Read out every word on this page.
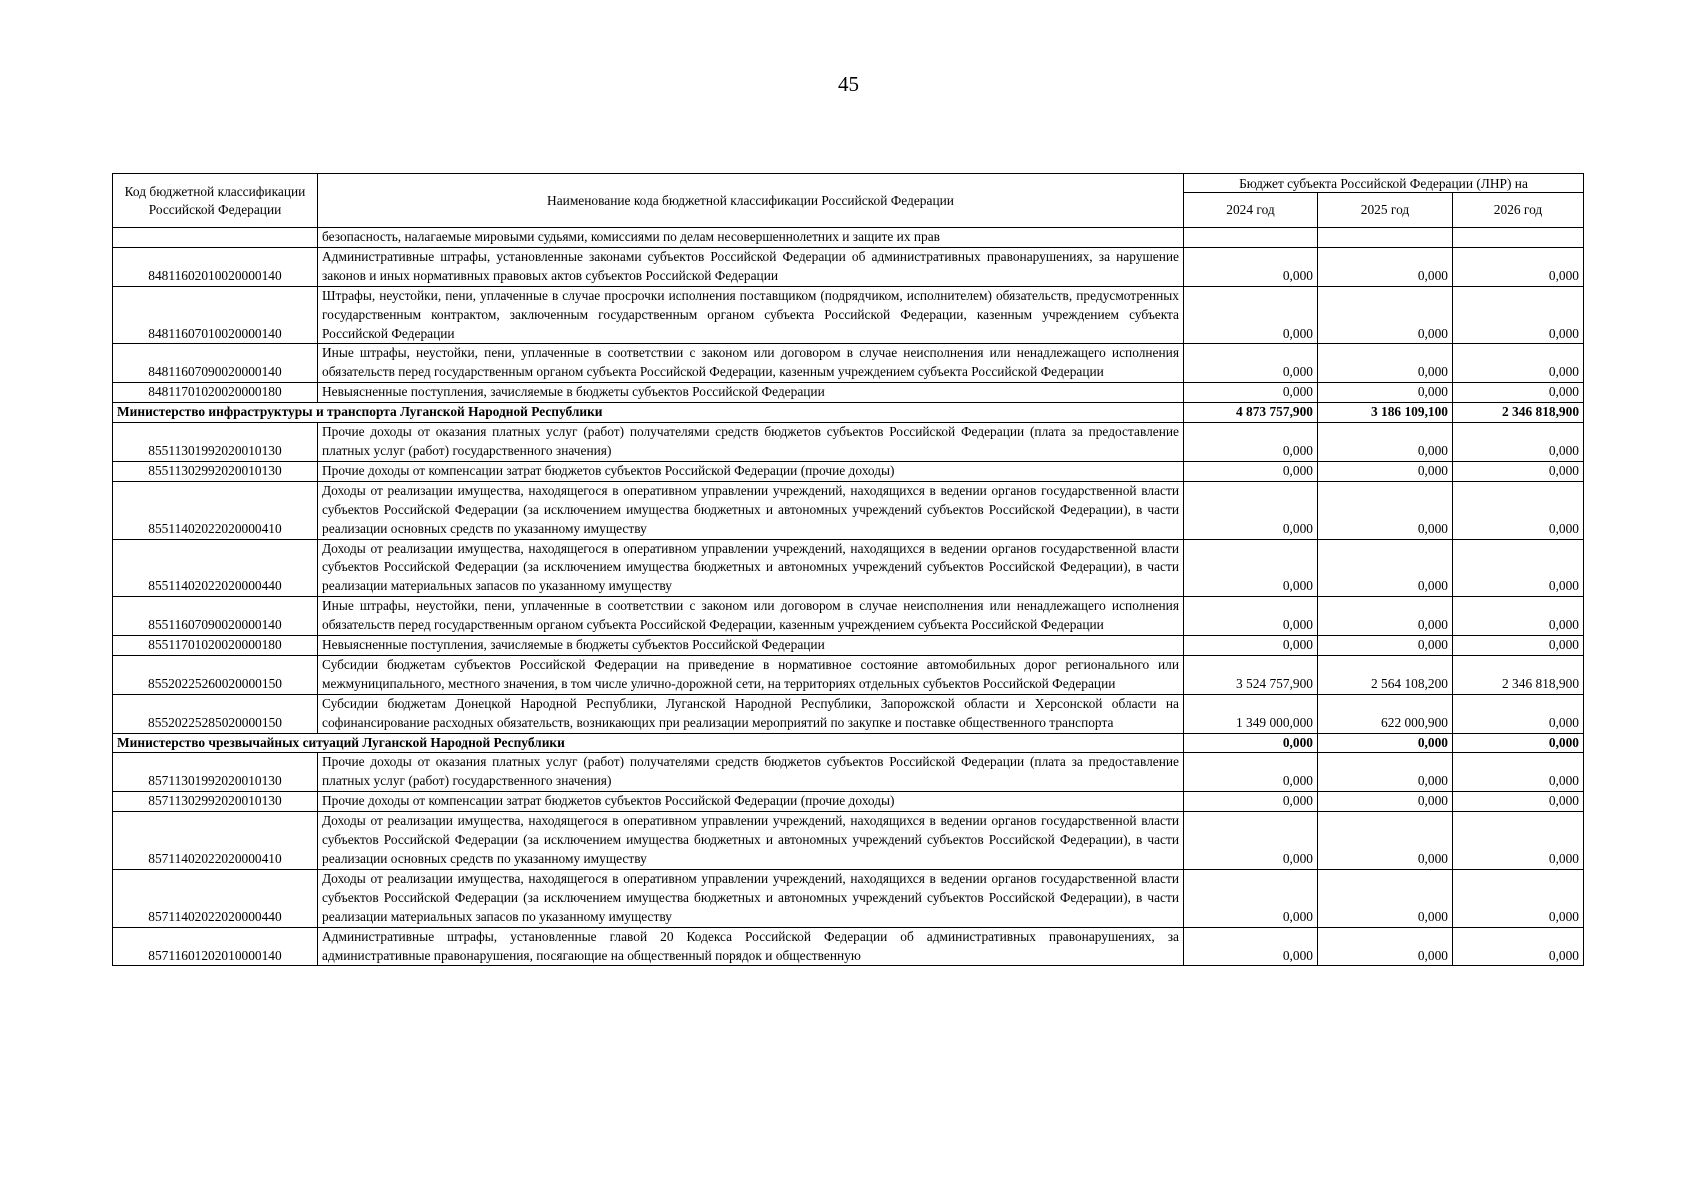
45
Код бюджетной классификации Российской Федерации	Наименование кода бюджетной классификации Российской Федерации	Бюджет субъекта Российской Федерации (ЛНР) на		
		2024 год	2025 год	2026 год
	безопасность, налагаемые мировыми судьями, комиссиями по делам несовершеннолетних и защите их прав			
84811602010020000140	Административные штрафы, установленные законами субъектов Российской Федерации об административных правонарушениях, за нарушение законов и иных нормативных правовых актов субъектов Российской Федерации	0,000	0,000	0,000
84811607010020000140	Штрафы, неустойки, пени, уплаченные в случае просрочки исполнения поставщиком (подрядчиком, исполнителем) обязательств, предусмотренных государственным контрактом, заключенным государственным органом субъекта Российской Федерации, казенным учреждением субъекта Российской Федерации	0,000	0,000	0,000
84811607090020000140	Иные штрафы, неустойки, пени, уплаченные в соответствии с законом или договором в случае неисполнения или ненадлежащего исполнения обязательств перед государственным органом субъекта Российской Федерации, казенным учреждением субъекта Российской Федерации	0,000	0,000	0,000
84811701020020000180	Невыясненные поступления, зачисляемые в бюджеты субъектов Российской Федерации	0,000	0,000	0,000
Министерство инфраструктуры и транспорта Луганской Народной Республики		4 873 757,900	3 186 109,100	2 346 818,900
85511301992020010130	Прочие доходы от оказания платных услуг (работ) получателями средств бюджетов субъектов Российской Федерации (плата за предоставление платных услуг (работ) государственного значения)	0,000	0,000	0,000
85511302992020010130	Прочие доходы от компенсации затрат бюджетов субъектов Российской Федерации (прочие доходы)	0,000	0,000	0,000
85511402022020000410	Доходы от реализации имущества, находящегося в оперативном управлении учреждений, находящихся в ведении органов государственной власти субъектов Российской Федерации (за исключением имущества бюджетных и автономных учреждений субъектов Российской Федерации), в части реализации основных средств по указанному имуществу	0,000	0,000	0,000
85511402022020000440	Доходы от реализации имущества, находящегося в оперативном управлении учреждений, находящихся в ведении органов государственной власти субъектов Российской Федерации (за исключением имущества бюджетных и автономных учреждений субъектов Российской Федерации), в части реализации материальных запасов по указанному имуществу	0,000	0,000	0,000
85511607090020000140	Иные штрафы, неустойки, пени, уплаченные в соответствии с законом или договором в случае неисполнения или ненадлежащего исполнения обязательств перед государственным органом субъекта Российской Федерации, казенным учреждением субъекта Российской Федерации	0,000	0,000	0,000
85511701020020000180	Невыясненные поступления, зачисляемые в бюджеты субъектов Российской Федерации	0,000	0,000	0,000
85520225260020000150	Субсидии бюджетам субъектов Российской Федерации на приведение в нормативное состояние автомобильных дорог регионального или межмуниципального, местного значения, в том числе улично-дорожной сети, на территориях отдельных субъектов Российской Федерации	3 524 757,900	2 564 108,200	2 346 818,900
85520225285020000150	Субсидии бюджетам Донецкой Народной Республики, Луганской Народной Республики, Запорожской области и Херсонской области на софинансирование расходных обязательств, возникающих при реализации мероприятий по закупке и поставке общественного транспорта	1 349 000,000	622 000,900	0,000
Министерство чрезвычайных ситуаций Луганской Народной Республики		0,000	0,000	0,000
85711301992020010130	Прочие доходы от оказания платных услуг (работ) получателями средств бюджетов субъектов Российской Федерации (плата за предоставление платных услуг (работ) государственного значения)	0,000	0,000	0,000
85711302992020010130	Прочие доходы от компенсации затрат бюджетов субъектов Российской Федерации (прочие доходы)	0,000	0,000	0,000
85711402022020000410	Доходы от реализации имущества, находящегося в оперативном управлении учреждений, находящихся в ведении органов государственной власти субъектов Российской Федерации (за исключением имущества бюджетных и автономных учреждений субъектов Российской Федерации), в части реализации основных средств по указанному имуществу	0,000	0,000	0,000
85711402022020000440	Доходы от реализации имущества, находящегося в оперативном управлении учреждений, находящихся в ведении органов государственной власти субъектов Российской Федерации (за исключением имущества бюджетных и автономных учреждений субъектов Российской Федерации), в части реализации материальных запасов по указанному имуществу	0,000	0,000	0,000
85711601202010000140	Административные штрафы, установленные главой 20 Кодекса Российской Федерации об административных правонарушениях, за административные правонарушения, посягающие на общественный порядок и общественную	0,000	0,000	0,000
